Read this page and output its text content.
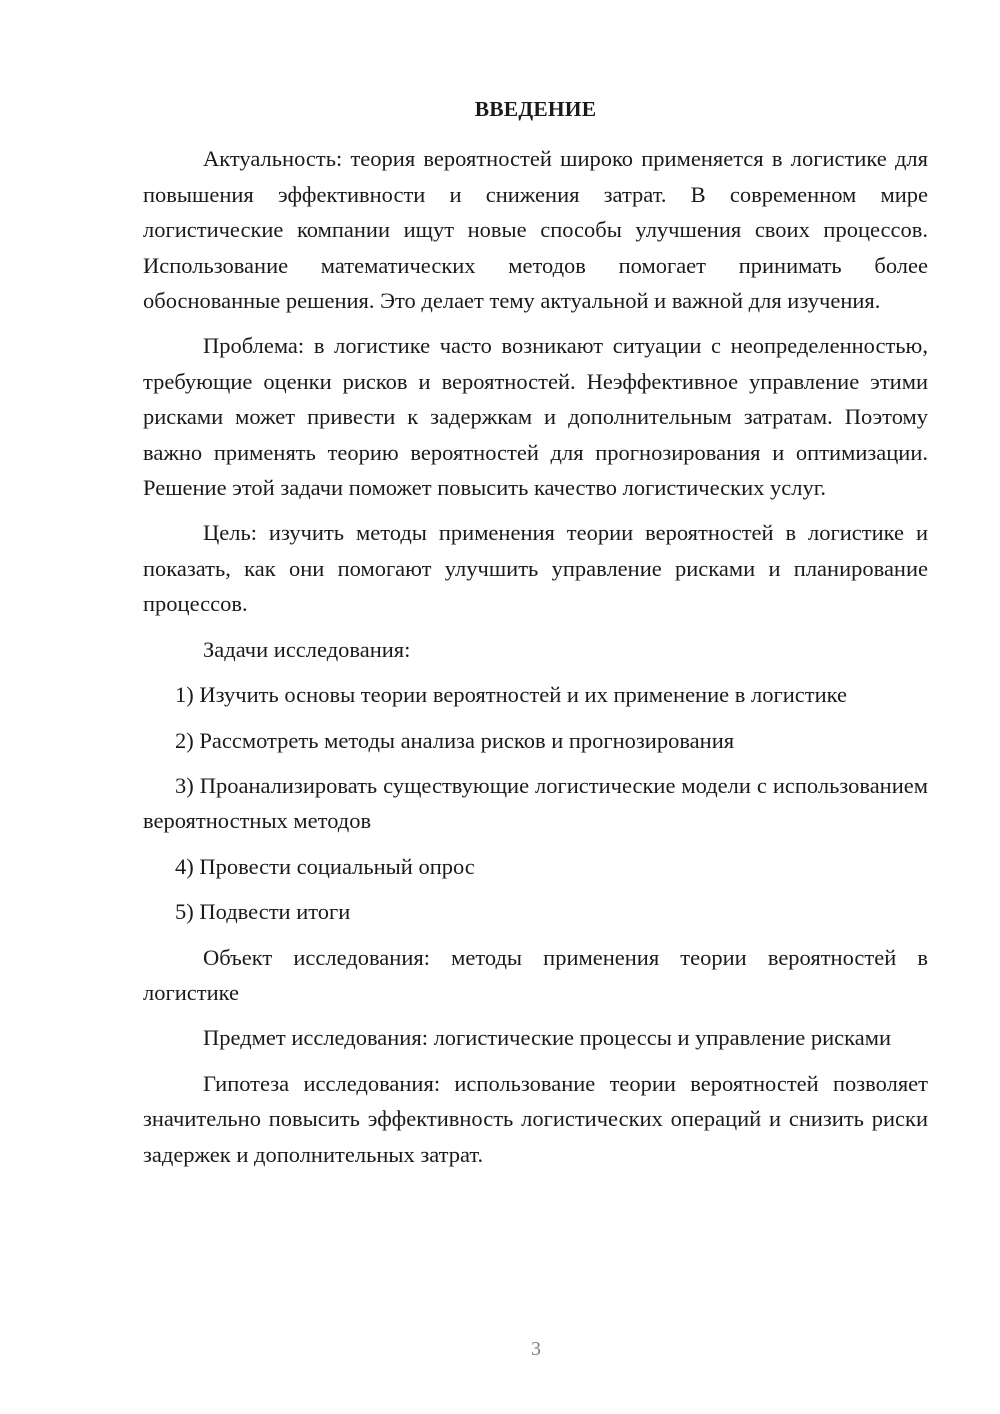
ВВЕДЕНИЕ

Актуальность: теория вероятностей широко применяется в логистике для повышения эффективности и снижения затрат. В современном мире логистические компании ищут новые способы улучшения своих процессов. Использование математических методов помогает принимать более обоснованные решения. Это делает тему актуальной и важной для изучения.

Проблема: в логистике часто возникают ситуации с неопределенностью, требующие оценки рисков и вероятностей. Неэффективное управление этими рисками может привести к задержкам и дополнительным затратам. Поэтому важно применять теорию вероятностей для прогнозирования и оптимизации. Решение этой задачи поможет повысить качество логистических услуг.

Цель: изучить методы применения теории вероятностей в логистике и показать, как они помогают улучшить управление рисками и планирование процессов.

Задачи исследования:

1) Изучить основы теории вероятностей и их применение в логистике

2) Рассмотреть методы анализа рисков и прогнозирования

3) Проанализировать существующие логистические модели с использованием вероятностных методов

4) Провести социальный опрос

5) Подвести итоги

Объект исследования: методы применения теории вероятностей в логистике

Предмет исследования: логистические процессы и управление рисками

Гипотеза исследования: использование теории вероятностей позволяет значительно повысить эффективность логистических операций и снизить риски задержек и дополнительных затрат.

3
